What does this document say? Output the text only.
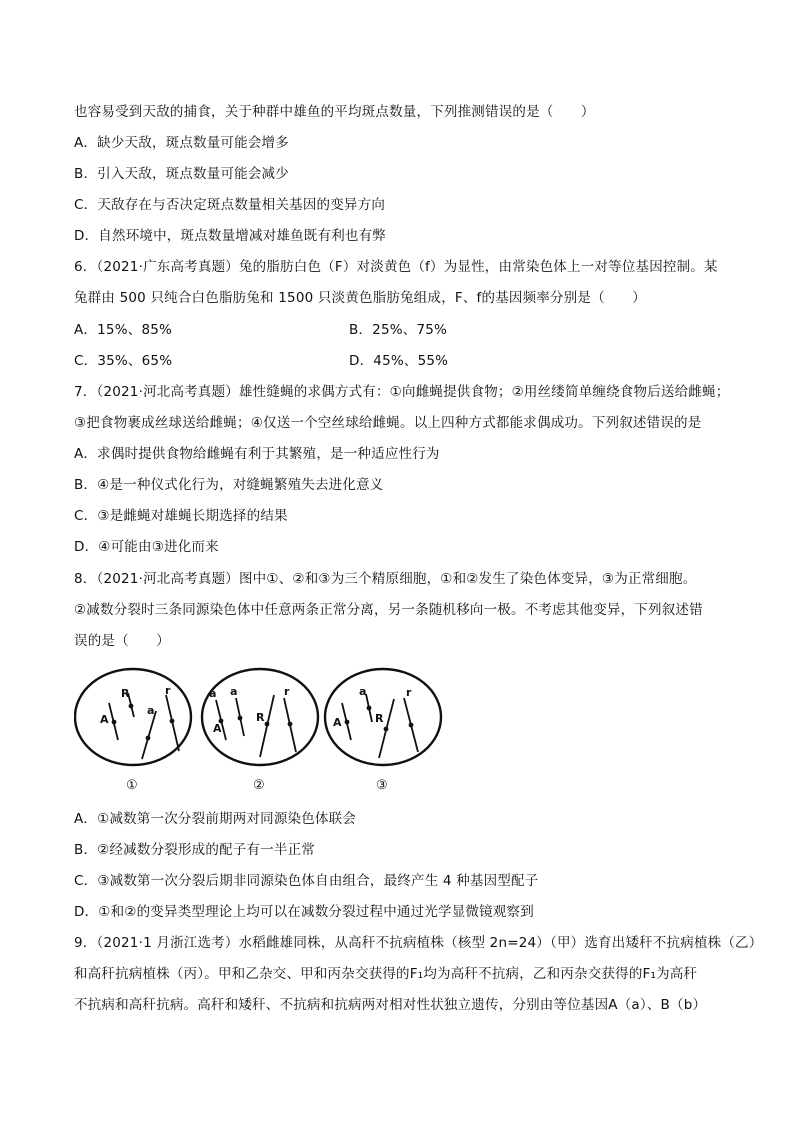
也容易受到天敌的捕食，关于种群中雄鱼的平均斑点数量，下列推测错误的是（　　）
A．缺少天敌，斑点数量可能会增多
B．引入天敌，斑点数量可能会减少
C．天敌存在与否决定斑点数量相关基因的变异方向
D．自然环境中，斑点数量增减对雄鱼既有利也有弊
6．（2021·广东高考真题）兔的脂肪白色（F）对淡黄色（f）为显性，由常染色体上一对等位基因控制。某
兔群由 500 只纯合白色脂肪兔和 1500 只淡黄色脂肪兔组成，F、f的基因频率分别是（　　）
A．15%、85%	B．25%、75%
C．35%、65%	D．45%、55%
7．（2021·河北高考真题）雄性缝蝇的求偶方式有：①向雌蝇提供食物；②用丝缕简单缠绕食物后送给雌蝇；
③把食物裹成丝球送给雌蝇；④仅送一个空丝球给雌蝇。以上四种方式都能求偶成功。下列叙述错误的是
A．求偶时提供食物给雌蝇有利于其繁殖，是一种适应性行为
B．④是一种仪式化行为，对缝蝇繁殖失去进化意义
C．③是雌蝇对雄蝇长期选择的结果
D．④可能由③进化而来
8．（2021·河北高考真题）图中①、②和③为三个精原细胞，①和②发生了染色体变异，③为正常细胞。
②减数分裂时三条同源染色体中任意两条正常分离，另一条随机移向一极。不考虑其他变异，下列叙述错
误的是（　　）
A
R
a
r	a
A
a
R
r
A
a
R
r
①	②	③
A．①减数第一次分裂前期两对同源染色体联会
B．②经减数分裂形成的配子有一半正常
C．③减数第一次分裂后期非同源染色体自由组合，最终产生 4 种基因型配子
D．①和②的变异类型理论上均可以在减数分裂过程中通过光学显微镜观察到
9．（2021·1 月浙江选考）水稻雌雄同株，从高秆不抗病植株（核型 2n=24）（甲）选育出矮秆不抗病植株（乙）
和高秆抗病植株（丙）。甲和乙杂交、甲和丙杂交获得的F₁均为高秆不抗病，乙和丙杂交获得的F₁为高秆
不抗病和高秆抗病。高秆和矮秆、不抗病和抗病两对相对性状独立遗传，分别由等位基因A（a）、B（b）
